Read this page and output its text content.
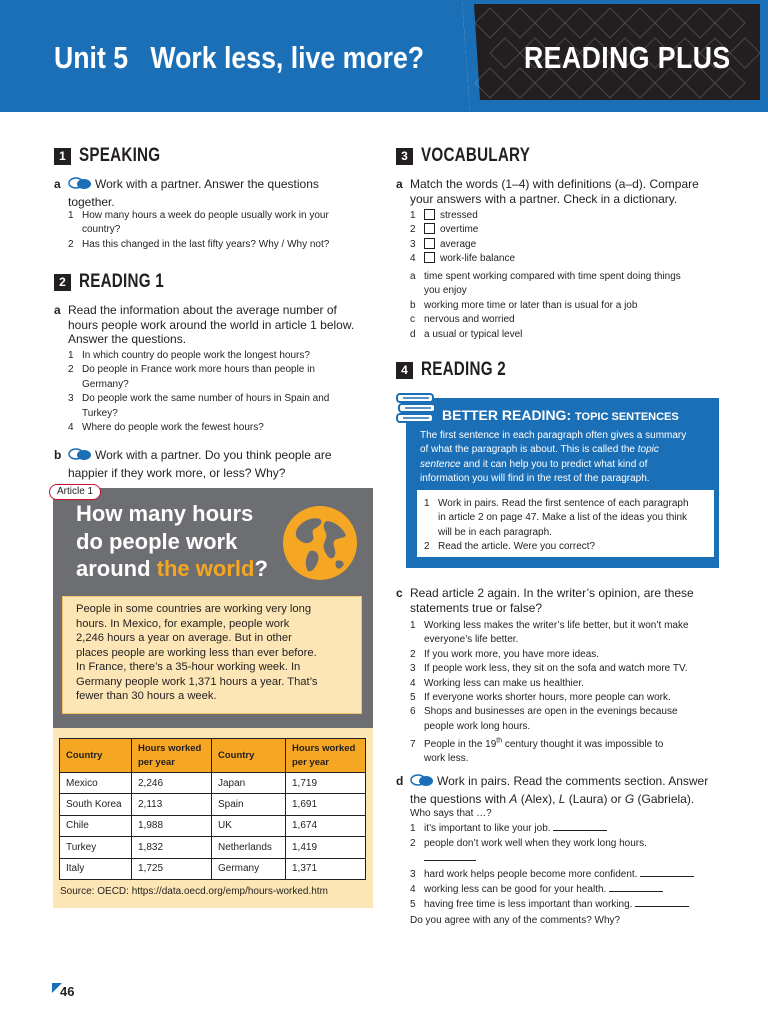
Unit 5 Work less, live more?	READING PLUS
1 SPEAKING
a	Work with a partner. Answer the questions together.
1 How many hours a week do people usually work in your
country?
2 Has this changed in the last fifty years? Why / Why not?
2 READING 1
a Read the information about the average number of
hours people work around the world in article 1 below.
Answer the questions.
1 In which country do people work the longest hours?
2 Do people in France work more hours than people in
Germany?
3 Do people work the same number of hours in Spain and
Turkey?
4 Where do people work the fewest hours?
b	Work with a partner. Do you think people are
happier if they work more, or less? Why?
Article 1
How many hours
do people work
around the world?
People in some countries are working very long
hours. In Mexico, for example, people work
2,246 hours a year on average. But in other
places people are working less than ever before.
In France, there’s a 35-hour working week. In
Germany people work 1,371 hours a year. That’s
fewer than 30 hours a week.
Country	Hours worked per year	Country	Hours worked per year
Mexico	2,246	Japan	1,719
South Korea	2,113	Spain	1,691
Chile	1,988	UK	1,674
Turkey	1,832	Netherlands	1,419
Italy	1,725	Germany	1,371
Source: OECD: https://data.oecd.org/emp/hours-worked.htm
3 VOCABULARY
a Match the words (1–4) with definitions (a–d). Compare
your answers with a partner. Check in a dictionary.
1 stressed
2 overtime
3 average
4 work-life balance
a time spent working compared with time spent doing things
you enjoy
b working more time or later than is usual for a job
c nervous and worried
d a usual or typical level
4 READING 2
BETTER READING: TOPIC SENTENCES
The first sentence in each paragraph often gives a summary
of what the paragraph is about. This is called the topic
sentence and it can help you to predict what kind of
information you will find in the rest of the paragraph.
1 Work in pairs. Read the first sentence of each paragraph
in article 2 on page 47. Make a list of the ideas you think
will be in each paragraph.
2 Read the article. Were you correct?
c Read article 2 again. In the writer’s opinion, are these
statements true or false?
1 Working less makes the writer’s life better, but it won’t make
everyone’s life better.
2 If you work more, you have more ideas.
3 If people work less, they sit on the sofa and watch more TV.
4 Working less can make us healthier.
5 If everyone works shorter hours, more people can work.
6 Shops and businesses are open in the evenings because
people work long hours.
7 People in the 19th century thought it was impossible to
work less.
d	Work in pairs. Read the comments section. Answer
the questions with A (Alex), L (Laura) or G (Gabriela).
Who says that …?
1 it’s important to like your job.
2 people don’t work well when they work long hours.
3 hard work helps people become more confident.
4 working less can be good for your health.
5 having free time is less important than working.
Do you agree with any of the comments? Why?
46
